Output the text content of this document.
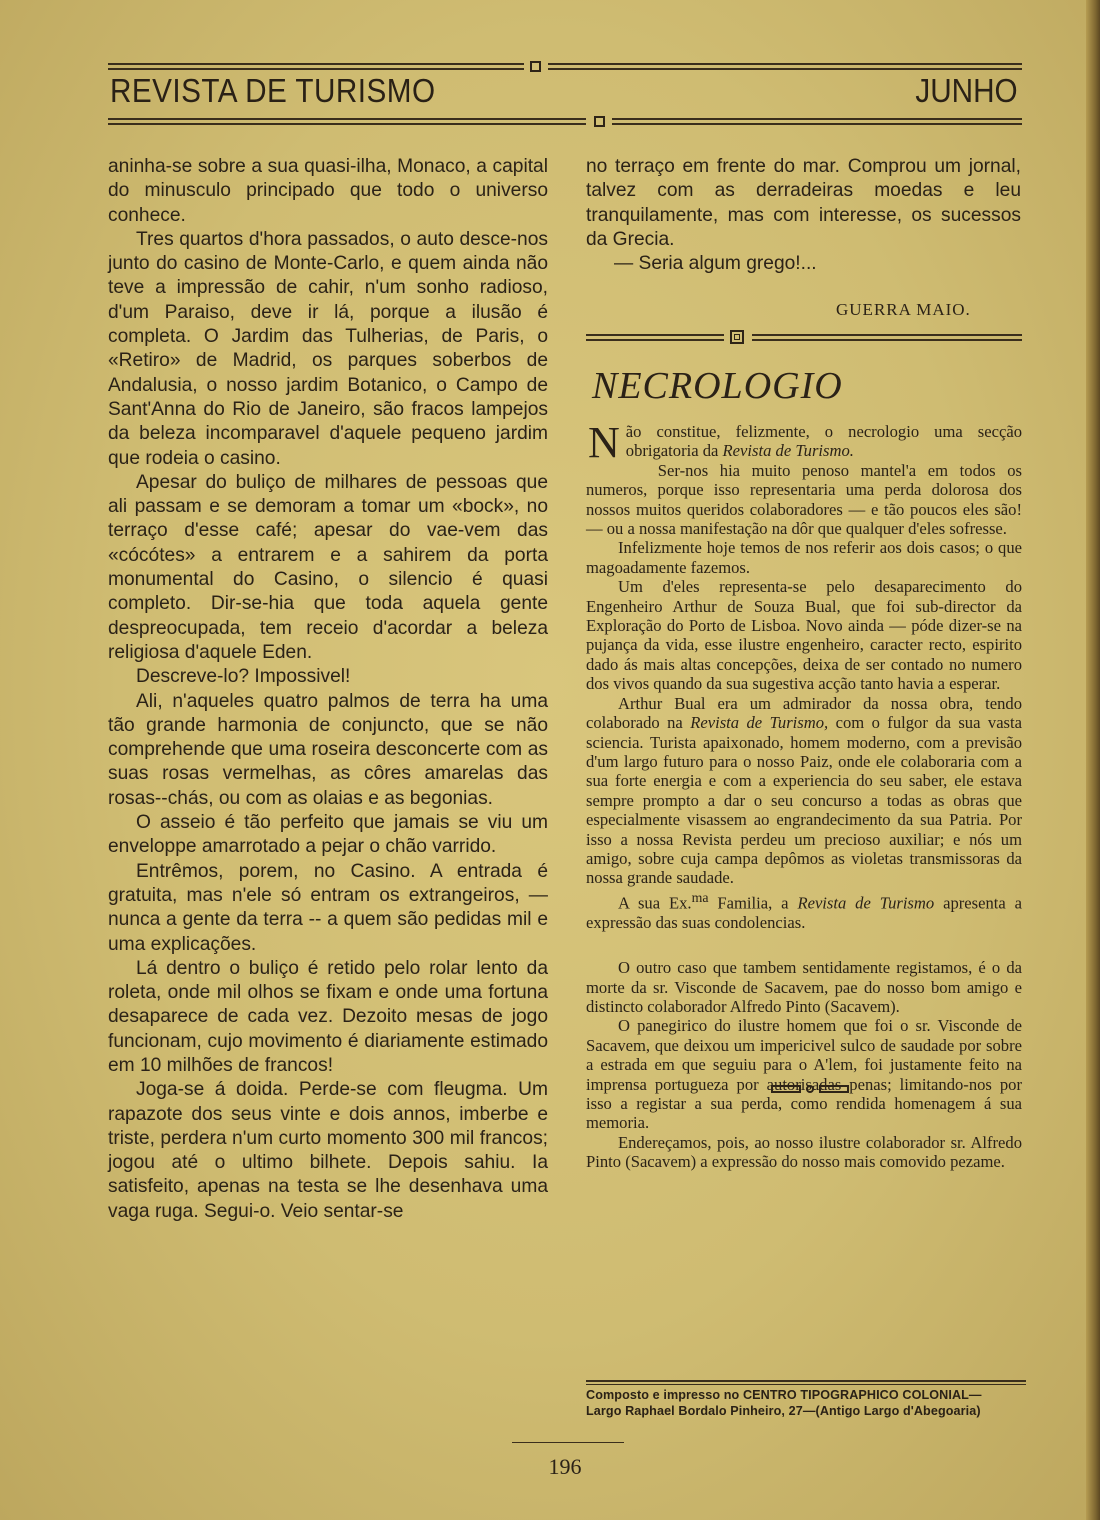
REVISTA DE TURISMO	JUNHO

aninha-se sobre a sua quasi-ilha, Monaco, a capital do minusculo principado que todo o universo conhece.

Tres quartos d'hora passados, o auto desce-nos junto do casino de Monte-Carlo, e quem ainda não teve a impressão de cahir, n'um sonho radioso, d'um Paraiso, deve ir lá, porque a ilusão é completa. O Jardim das Tulherias, de Paris, o «Retiro» de Madrid, os parques soberbos de Andalusia, o nosso jardim Botanico, o Campo de Sant'Anna do Rio de Janeiro, são fracos lampejos da beleza incomparavel d'aquele pequeno jardim que rodeia o casino.

Apesar do buliço de milhares de pessoas que ali passam e se demoram a tomar um «bock», no terraço d'esse café; apesar do vae-vem das «cócótes» a entrarem e a sahirem da porta monumental do Casino, o silencio é quasi completo. Dir-se-hia que toda aquela gente despreocupada, tem receio d'acordar a beleza religiosa d'aquele Eden.

Descreve-lo? Impossivel!

Ali, n'aqueles quatro palmos de terra ha uma tão grande harmonia de conjuncto, que se não comprehende que uma roseira desconcerte com as suas rosas vermelhas, as côres amarelas das rosas--chás, ou com as olaias e as begonias.

O asseio é tão perfeito que jamais se viu um enveloppe amarrotado a pejar o chão varrido.

Entrêmos, porem, no Casino. A entrada é gratuita, mas n'ele só entram os extrangeiros, — nunca a gente da terra -- a quem são pedidas mil e uma explicações.

Lá dentro o buliço é retido pelo rolar lento da roleta, onde mil olhos se fixam e onde uma fortuna desaparece de cada vez. Dezoito mesas de jogo funcionam, cujo movimento é diariamente estimado em 10 milhões de francos!

Joga-se á doida. Perde-se com fleugma. Um rapazote dos seus vinte e dois annos, imberbe e triste, perdera n'um curto momento 300 mil francos; jogou até o ultimo bilhete. Depois sahiu. Ia satisfeito, apenas na testa se lhe desenhava uma vaga ruga. Segui-o. Veio sentar-se

no terraço em frente do mar. Comprou um jornal, talvez com as derradeiras moedas e leu tranquilamente, mas com interesse, os sucessos da Grecia.

— Seria algum grego!...

GUERRA MAIO.
NECROLOGIO

Não constitue, felizmente, o necrologio uma secção obrigatoria da Revista de Turismo.

Ser-nos hia muito penoso mantel'a em todos os numeros, porque isso representaria uma perda dolorosa dos nossos muitos queridos colaboradores — e tão poucos eles são! — ou a nossa manifestação na dôr que qualquer d'eles sofresse.

Infelizmente hoje temos de nos referir aos dois casos; o que magoadamente fazemos.

Um d'eles representa-se pelo desaparecimento do Engenheiro Arthur de Souza Bual, que foi sub-director da Exploração do Porto de Lisboa. Novo ainda — póde dizer-se na pujança da vida, esse ilustre engenheiro, caracter recto, espirito dado ás mais altas concepções, deixa de ser contado no numero dos vivos quando da sua sugestiva acção tanto havia a esperar.

Arthur Bual era um admirador da nossa obra, tendo colaborado na Revista de Turismo, com o fulgor da sua vasta sciencia. Turista apaixonado, homem moderno, com a previsão d'um largo futuro para o nosso Paiz, onde ele colaboraria com a sua forte energia e com a experiencia do seu saber, ele estava sempre prompto a dar o seu concurso a todas as obras que especialmente visassem ao engrandecimento da sua Patria. Por isso a nossa Revista perdeu um precioso auxiliar; e nós um amigo, sobre cuja campa depômos as violetas transmissoras da nossa grande saudade.

A sua Ex.$^{ma}$ Familia, a Revista de Turismo apresenta a expressão das suas condolencias.

O outro caso que tambem sentidamente registamos, é o da morte da sr. Visconde de Sacavem, pae do nosso bom amigo e distincto colaborador Alfredo Pinto (Sacavem).

O panegirico do ilustre homem que foi o sr. Visconde de Sacavem, que deixou um impericivel sulco de saudade por sobre a estrada em que seguiu para o A'lem, foi justamente feito na imprensa portugueza por autorisadas penas; limitando-nos por isso a registar a sua perda, como rendida homenagem á sua memoria.

Endereçamos, pois, ao nosso ilustre colaborador sr. Alfredo Pinto (Sacavem) a expressão do nosso mais comovido pezame.

Composto e impresso no CENTRO TIPOGRAPHICO COLONIAL—
Largo Raphael Bordalo Pinheiro, 27—(Antigo Largo d'Abegoaria)
196
